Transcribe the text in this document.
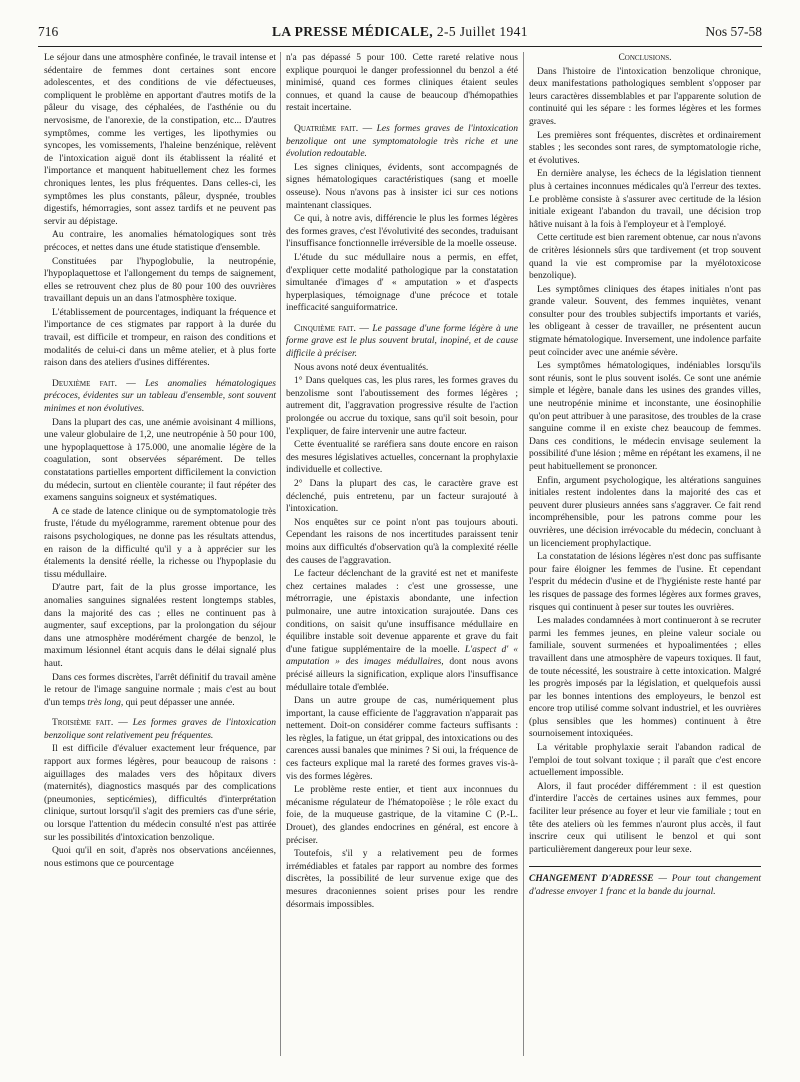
716	LA PRESSE MÉDICALE, 2-5 Juillet 1941	Nos 57-58

Le séjour dans une atmosphère confinée, le travail intense et sédentaire de femmes dont certaines sont encore adolescentes, et des conditions de vie défectueuses, compliquent le problème en apportant d'autres motifs de la pâleur du visage, des céphalées, de l'asthénie ou du nervosisme, de l'anorexie, de la constipation, etc... D'autres symptômes, comme les vertiges, les lipothymies ou syncopes, les vomissements, l'haleine benzénique, relèvent de l'intoxication aiguë dont ils établissent la réalité et l'importance et manquent habituellement chez les formes chroniques lentes, les plus fréquentes. Dans celles-ci, les symptômes les plus constants, pâleur, dyspnée, troubles digestifs, hémorragies, sont assez tardifs et ne peuvent pas servir au dépistage.

Au contraire, les anomalies hématologiques sont très précoces, et nettes dans une étude statistique d'ensemble.

Constituées par l'hypoglobulie, la neutropénie, l'hypoplaquettose et l'allongement du temps de saignement, elles se retrouvent chez plus de 80 pour 100 des ouvrières travaillant depuis un an dans l'atmosphère toxique.

L'établissement de pourcentages, indiquant la fréquence et l'importance de ces stigmates par rapport à la durée du travail, est difficile et trompeur, en raison des conditions et modalités de celui-ci dans un même atelier, et à plus forte raison dans des ateliers d'usines différentes.

Deuxième fait. — Les anomalies hématologiques précoces, évidentes sur un tableau d'ensemble, sont souvent minimes et non évolutives.

Dans la plupart des cas, une anémie avoisinant 4 millions, une valeur globulaire de 1,2, une neutropénie à 50 pour 100, une hypoplaquettose à 175.000, une anomalie légère de la coagulation, sont observées séparément. De telles constatations partielles emportent difficilement la conviction du médecin, surtout en clientèle courante; il faut répéter des examens sanguins soigneux et systématiques.

A ce stade de latence clinique ou de symptomatologie très fruste, l'étude du myélogramme, rarement obtenue pour des raisons psychologiques, ne donne pas les résultats attendus, en raison de la difficulté qu'il y a à apprécier sur les étalements la densité réelle, la richesse ou l'hypoplasie du tissu médullaire.

D'autre part, fait de la plus grosse importance, les anomalies sanguines signalées restent longtemps stables, dans la majorité des cas ; elles ne continuent pas à augmenter, sauf exceptions, par la prolongation du séjour dans une atmosphère modérément chargée de benzol, le maximum lésionnel étant acquis dans le délai signalé plus haut.

Dans ces formes discrètes, l'arrêt définitif du travail amène le retour de l'image sanguine normale ; mais c'est au bout d'un temps très long, qui peut dépasser une année.

Troisième fait. — Les formes graves de l'intoxication benzolique sont relativement peu fréquentes.

Il est difficile d'évaluer exactement leur fréquence, par rapport aux formes légères, pour beaucoup de raisons : aiguillages des malades vers des hôpitaux divers (maternités), diagnostics masqués par des complications (pneumonies, septicémies), difficultés d'interprétation clinique, surtout lorsqu'il s'agit des premiers cas d'une série, ou lorsque l'attention du médecin consulté n'est pas attirée sur les possibilités d'intoxication benzolique.

Quoi qu'il en soit, d'après nos observations ancéiennes, nous estimons que ce pourcentage

n'a pas dépassé 5 pour 100. Cette rareté relative nous explique pourquoi le danger professionnel du benzol a été minimisé, quand ces formes cliniques étaient seules connues, et quand la cause de beaucoup d'hémopathies restait incertaine.

Quatrième fait. — Les formes graves de l'intoxication benzolique ont une symptomatologie très riche et une évolution redoutable.

Les signes cliniques, évidents, sont accompagnés de signes hématologiques caractéristiques (sang et moelle osseuse). Nous n'avons pas à insister ici sur ces notions maintenant classiques.

Ce qui, à notre avis, différencie le plus les formes légères des formes graves, c'est l'évolutivité des secondes, traduisant l'insuffisance fonctionnelle irréversible de la moelle osseuse.

L'étude du suc médullaire nous a permis, en effet, d'expliquer cette modalité pathologique par la constatation simultanée d'images d' « amputation » et d'aspects hyperplasiques, témoignage d'une précoce et totale inefficacité sanguiformatrice.

Cinquième fait. — Le passage d'une forme légère à une forme grave est le plus souvent brutal, inopiné, et de cause difficile à préciser.

Nous avons noté deux éventualités.

1° Dans quelques cas, les plus rares, les formes graves du benzolisme sont l'aboutissement des formes légères ; autrement dit, l'aggravation progressive résulte de l'action prolongée ou accrue du toxique, sans qu'il soit besoin, pour l'expliquer, de faire intervenir une autre facteur.

Cette éventualité se raréfiera sans doute encore en raison des mesures législatives actuelles, concernant la prophylaxie individuelle et collective.

2° Dans la plupart des cas, le caractère grave est déclenché, puis entretenu, par un facteur surajouté à l'intoxication.

Nos enquêtes sur ce point n'ont pas toujours abouti. Cependant les raisons de nos incertitudes paraissent tenir moins aux difficultés d'observation qu'à la complexité réelle des causes de l'aggravation.

Le facteur déclenchant de la gravité est net et manifeste chez certaines malades : c'est une grossesse, une métrorragie, une épistaxis abondante, une infection pulmonaire, une autre intoxication surajoutée. Dans ces conditions, on saisit qu'une insuffisance médullaire en équilibre instable soit devenue apparente et grave du fait d'une fatigue supplémentaire de la moelle. L'aspect d' « amputation » des images médullaires, dont nous avons précisé ailleurs la signification, explique alors l'insuffisance médullaire totale d'emblée.

Dans un autre groupe de cas, numériquement plus important, la cause efficiente de l'aggravation n'apparait pas nettement. Doit-on considérer comme facteurs suffisants : les règles, la fatigue, un état grippal, des intoxications ou des carences aussi banales que minimes ? Si oui, la fréquence de ces facteurs explique mal la rareté des formes graves vis-à-vis des formes légères.

Le problème reste entier, et tient aux inconnues du mécanisme régulateur de l'hématopoïèse ; le rôle exact du foie, de la muqueuse gastrique, de la vitamine C (P.-L. Drouet), des glandes endocrines en général, est encore à préciser.

Toutefois, s'il y a relativement peu de formes irrémédiables et fatales par rapport au nombre des formes discrètes, la possibilité de leur survenue exige que des mesures draconiennes soient prises pour les rendre désormais impossibles.

Conclusions.

Dans l'histoire de l'intoxication benzolique chronique, deux manifestations pathologiques semblent s'opposer par leurs caractères dissemblables et par l'apparente solution de continuité qui les sépare : les formes légères et les formes graves.

Les premières sont fréquentes, discrètes et ordinairement stables ; les secondes sont rares, de symptomatologie riche, et évolutives.

En dernière analyse, les échecs de la législation tiennent plus à certaines inconnues médicales qu'à l'erreur des textes. Le problème consiste à s'assurer avec certitude de la lésion initiale exigeant l'abandon du travail, une décision trop hâtive nuisant à la fois à l'employeur et à l'employé.

Cette certitude est bien rarement obtenue, car nous n'avons de critères lésionnels sûrs que tardivement (et trop souvent quand la vie est compromise par la myélotoxicose benzolique).

Les symptômes cliniques des étapes initiales n'ont pas grande valeur. Souvent, des femmes inquiètes, venant consulter pour des troubles subjectifs importants et variés, les obligeant à cesser de travailler, ne présentent aucun stigmate hématologique. Inversement, une indolence parfaite peut coïncider avec une anémie sévère.

Les symptômes hématologiques, indéniables lorsqu'ils sont réunis, sont le plus souvent isolés. Ce sont une anémie simple et légère, banale dans les usines des grandes villes, une neutropénie minime et inconstante, une éosinophilie qu'on peut attribuer à une parasitose, des troubles de la crase sanguine comme il en existe chez beaucoup de femmes. Dans ces conditions, le médecin envisage seulement la possibilité d'une lésion ; même en répétant les examens, il ne peut habituellement se prononcer.

Enfin, argument psychologique, les altérations sanguines initiales restent indolentes dans la majorité des cas et peuvent durer plusieurs années sans s'aggraver. Ce fait rend incompréhensible, pour les patrons comme pour les ouvrières, une décision irrévocable du médecin, concluant à un licenciement prophylactique.

La constatation de lésions légères n'est donc pas suffisante pour faire éloigner les femmes de l'usine. Et cependant l'esprit du médecin d'usine et de l'hygiéniste reste hanté par les risques de passage des formes légères aux formes graves, risques qui continuent à peser sur toutes les ouvrières.

Les malades condamnées à mort continueront à se recruter parmi les femmes jeunes, en pleine valeur sociale ou familiale, souvent surmenées et hypoalimentées ; elles travaillent dans une atmosphère de vapeurs toxiques. Il faut, de toute nécessité, les soustraire à cette intoxication. Malgré les progrès imposés par la législation, et quelquefois aussi par les bonnes intentions des employeurs, le benzol est encore trop utilisé comme solvant industriel, et les ouvrières (plus sensibles que les hommes) continuent à être sournoisement intoxiquées.

La véritable prophylaxie serait l'abandon radical de l'emploi de tout solvant toxique ; il paraît que c'est encore actuellement impossible.

Alors, il faut procéder différemment : il est question d'interdire l'accès de certaines usines aux femmes, pour faciliter leur présence au foyer et leur vie familiale ; tout en tête des ateliers où les femmes n'auront plus accès, il faut inscrire ceux qui utilisent le benzol et qui sont particulièrement dangereux pour leur sexe.

CHANGEMENT D'ADRESSE — Pour tout changement d'adresse envoyer 1 franc et la bande du journal.
